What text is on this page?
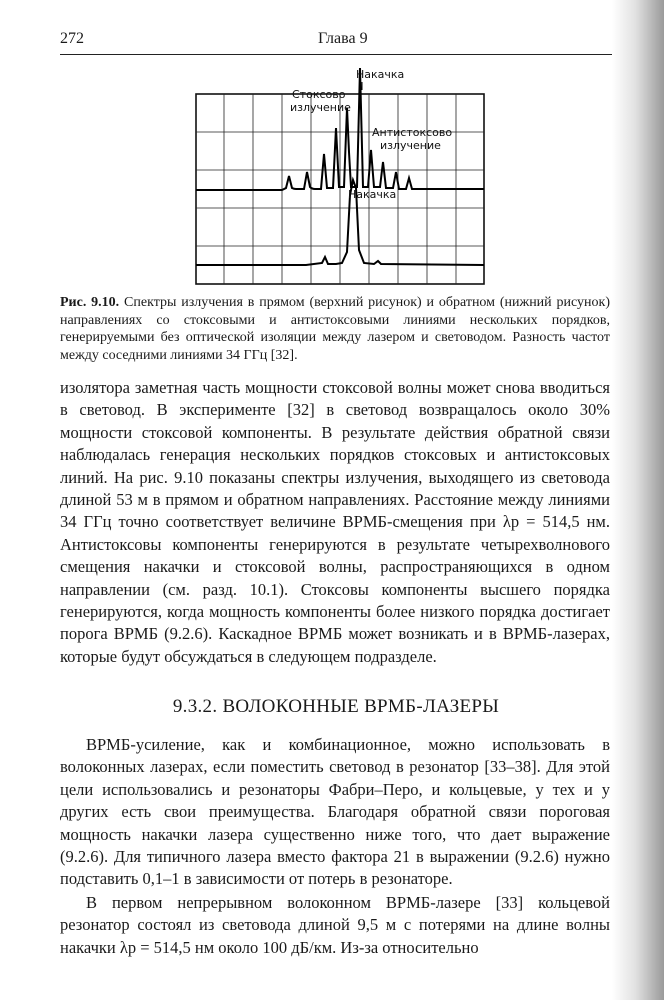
272	Глава 9
Накачка
Стоксово
излучение
Антистоксово
излучение
Накачка
Рис. 9.10. Спектры излучения в прямом (верхний рисунок) и обратном (нижний рисунок) направлениях со стоксовыми и антистоксовыми линиями нескольких порядков, генерируемыми без оптической изоляции между лазером и световодом. Разность частот между соседними линиями 34 ГГц [32].
изолятора заметная часть мощности стоксовой волны может снова вводиться в световод. В эксперименте [32] в световод возвращалось около 30% мощности стоксовой компоненты. В результате действия обратной связи наблюдалась генерация нескольких порядков стоксовых и антистоксовых линий. На рис. 9.10 показаны спектры излучения, выходящего из световода длиной 53 м в прямом и обратном направлениях. Расстояние между линиями 34 ГГц точно соответствует величине ВРМБ-смещения при λp = 514,5 нм. Антистоксовы компоненты генерируются в результате четырехволнового смещения накачки и стоксовой волны, распространяющихся в одном направлении (см. разд. 10.1). Стоксовы компоненты высшего порядка генерируются, когда мощность компоненты более низкого порядка достигает порога ВРМБ (9.2.6). Каскадное ВРМБ может возникать и в ВРМБ-лазерах, которые будут обсуждаться в следующем подразделе.
9.3.2. ВОЛОКОННЫЕ ВРМБ-ЛАЗЕРЫ
ВРМБ-усиление, как и комбинационное, можно использовать в волоконных лазерах, если поместить световод в резонатор [33–38]. Для этой цели использовались и резонаторы Фабри–Перо, и кольцевые, у тех и у других есть свои преимущества. Благодаря обратной связи пороговая мощность накачки лазера существенно ниже того, что дает выражение (9.2.6). Для типичного лазера вместо фактора 21 в выражении (9.2.6) нужно подставить 0,1–1 в зависимости от потерь в резонаторе.
В первом непрерывном волоконном ВРМБ-лазере [33] кольцевой резонатор состоял из световода длиной 9,5 м с потерями на длине волны накачки λp = 514,5 нм около 100 дБ/км. Из-за относительно
